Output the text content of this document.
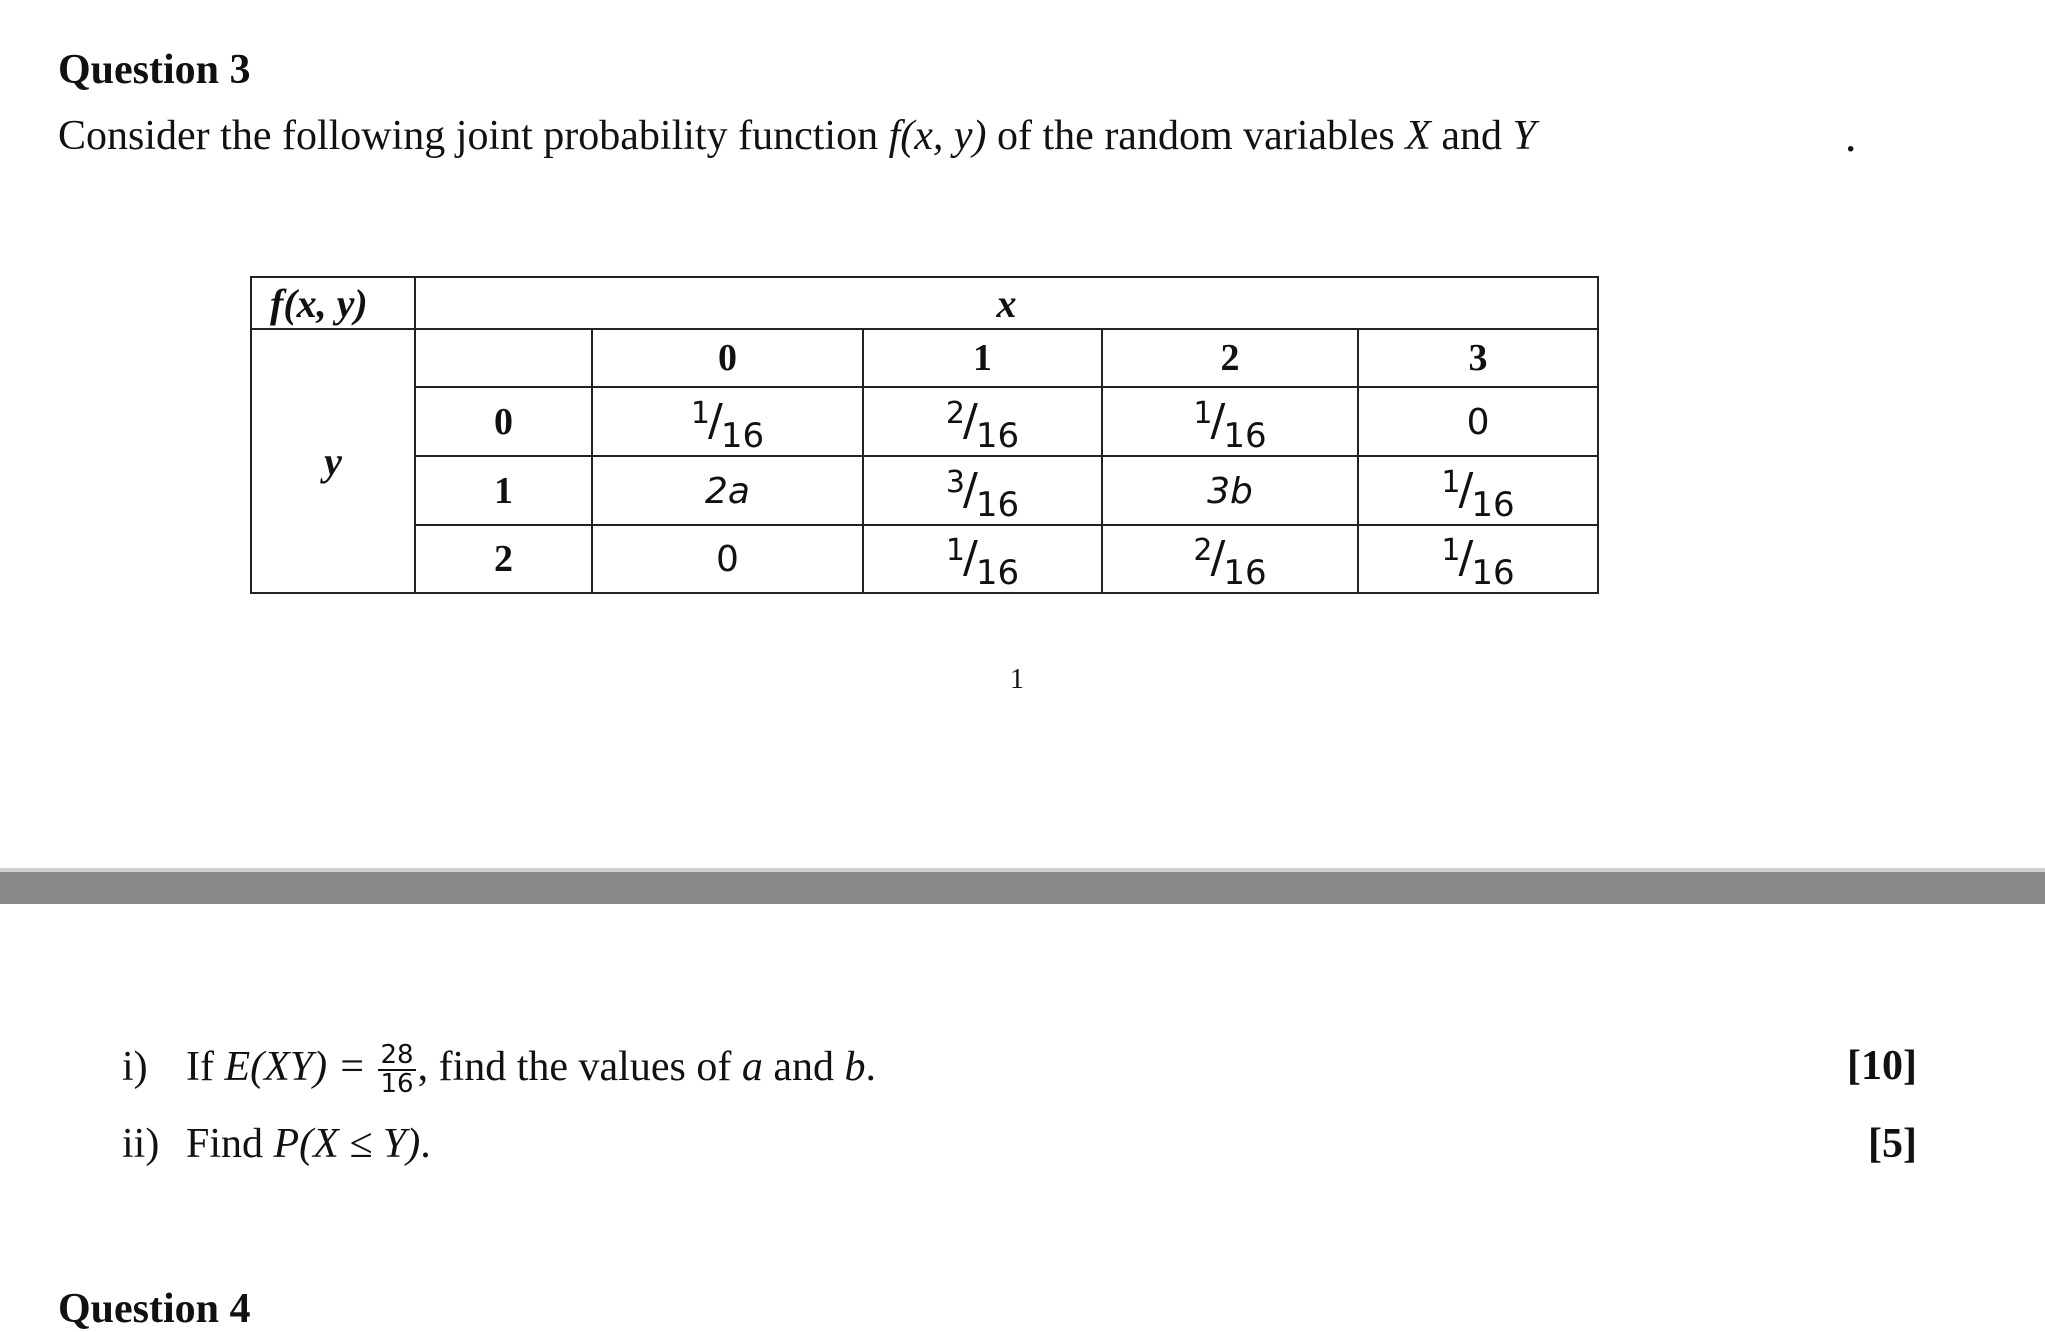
Question 3
Consider the following joint probability function f(x, y) of the random variables X and Y	.
f(x, y)	x				
y		0	1	2	3
	0	$^1$/16	$^2$/16	$^1$/16	0
	1	2a	$^3$/16	3b	$^1$/16
	2	0	$^1$/16	$^2$/16	$^1$/16
1
i) If $E(XY) = \frac{28}{16}$ , find the values of a and b.	[10]
ii) Find P(X ≤ Y).	[5]
Question 4
